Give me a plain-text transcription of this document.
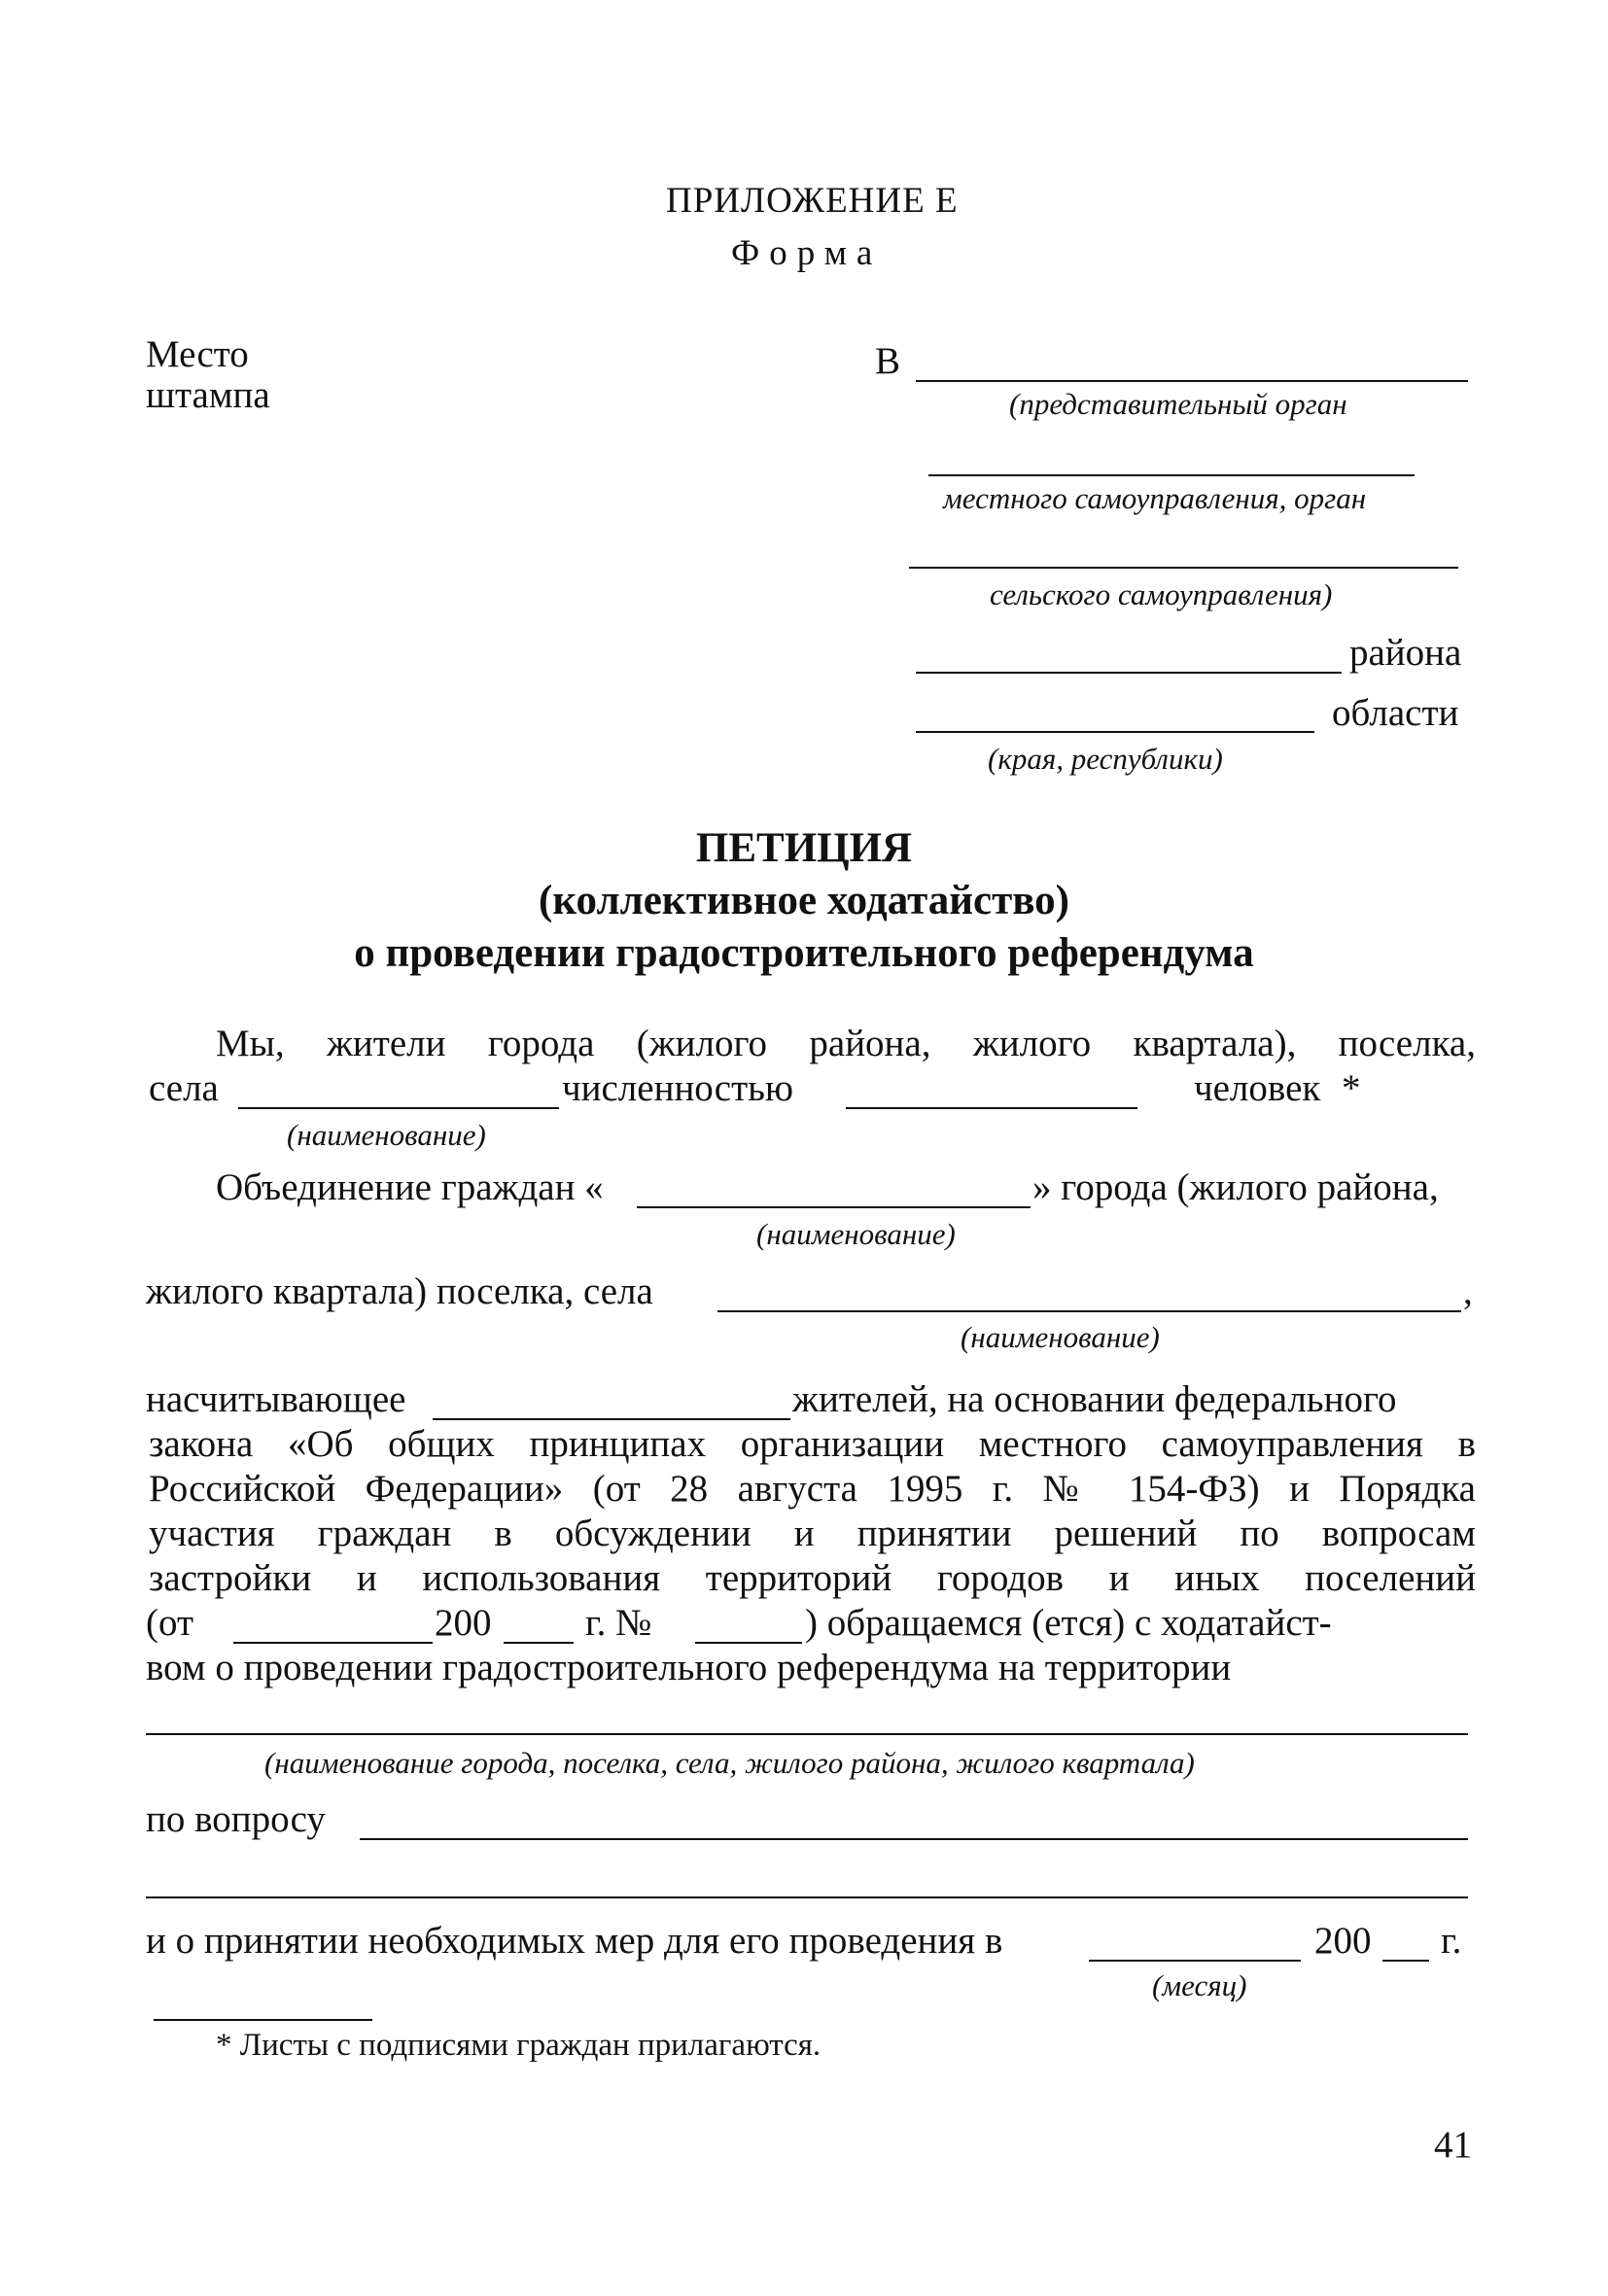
ПРИЛОЖЕНИЕ Е
Форма
Место
штампа
В
(представительный орган
местного самоуправления, орган
сельского самоуправления)
района
области
(края, республики)
ПЕТИЦИЯ
(коллективное ходатайство)
о проведении градостроительного референдума
Мы, жители города (жилого района, жилого квартала), поселка,
села	численностью	человек *
(наименование)
Объединение граждан «	» города (жилого района,
(наименование)
жилого квартала) поселка, села	,
(наименование)
насчитывающее	жителей, на основании федерального
закона «Об общих принципах организации местного самоуправления в
Российской Федерации» (от 28 августа 1995 г. № 154-ФЗ) и Порядка
участия граждан в обсуждении и принятии решений по вопросам
застройки и использования территорий городов и иных поселений
(от	200 г. №	) обращаемся (ется) с ходатайст-
вом о проведении градостроительного референдума на территории
(наименование города, поселка, села, жилого района, жилого квартала)
по вопросу
и о принятии необходимых мер для его проведения в	200 г.
(месяц)
* Листы с подписями граждан прилагаются.
41
